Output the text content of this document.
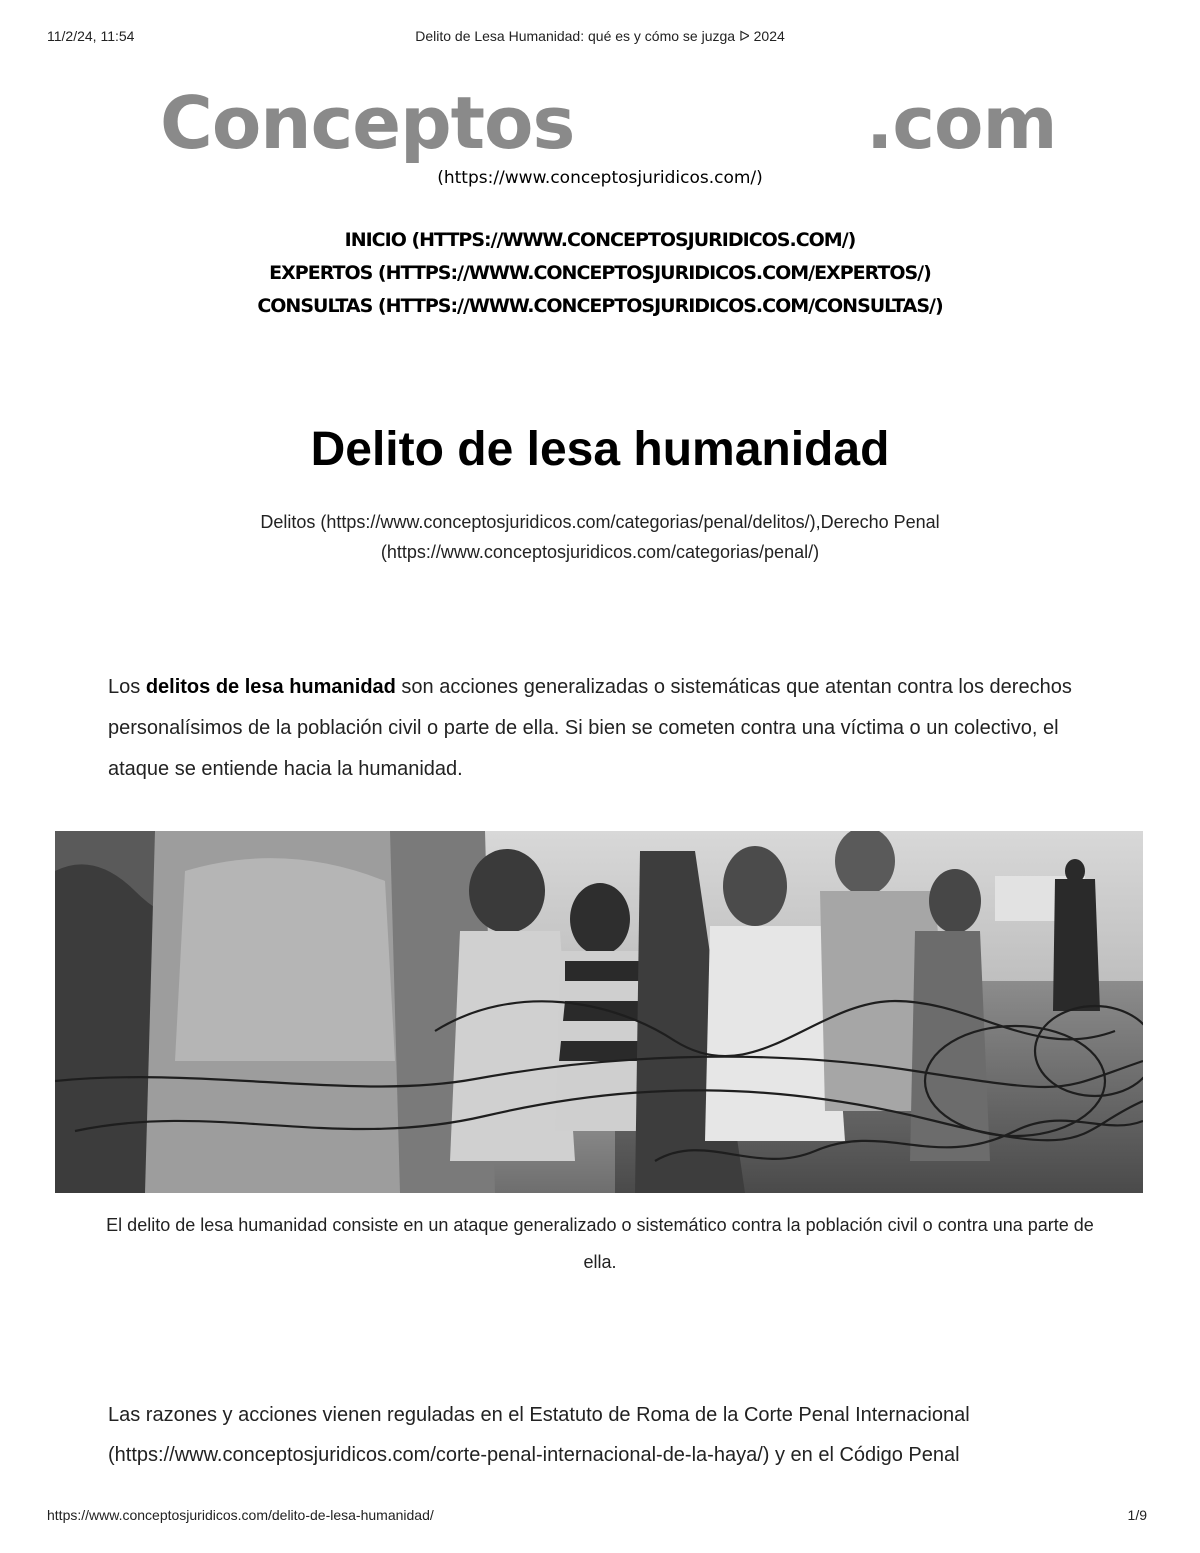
Delito de Lesa Humanidad: qué es y cómo se juzga ᐅ 2024
11/2/24, 11:54
Conceptos	.com
(https://www.conceptosjuridicos.com/)
INICIO (HTTPS://WWW.CONCEPTOSJURIDICOS.COM/)
EXPERTOS (HTTPS://WWW.CONCEPTOSJURIDICOS.COM/EXPERTOS/)
CONSULTAS (HTTPS://WWW.CONCEPTOSJURIDICOS.COM/CONSULTAS/)
Delito de lesa humanidad
Delitos (https://www.conceptosjuridicos.com/categorias/penal/delitos/),Derecho Penal
(https://www.conceptosjuridicos.com/categorias/penal/)

Los delitos de lesa humanidad son acciones generalizadas o sistemáticas que atentan contra los derechos personalísimos de la población civil o parte de ella. Si bien se cometen contra una víctima o un colectivo, el ataque se entiende hacia la humanidad.

El delito de lesa humanidad consiste en un ataque generalizado o sistemático contra la población civil o contra una parte de ella.

Las razones y acciones vienen reguladas en el Estatuto de Roma de la Corte Penal Internacional (https://www.conceptosjuridicos.com/corte-penal-internacional-de-la-haya/) y en el Código Penal

https://www.conceptosjuridicos.com/delito-de-lesa-humanidad/	1/9
